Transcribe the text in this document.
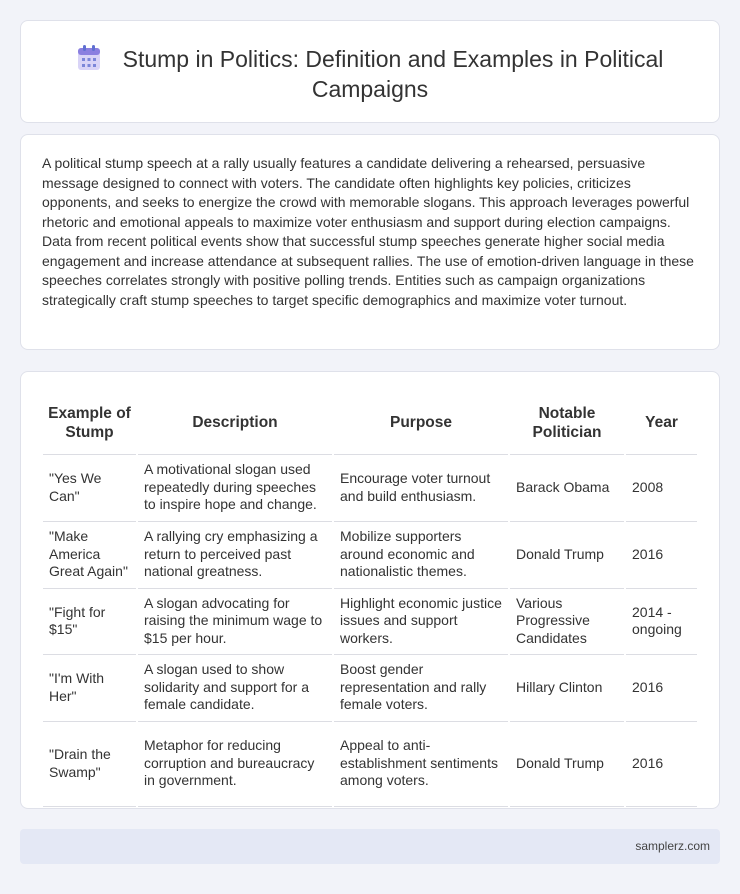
Stump in Politics: Definition and Examples in Political Campaigns

A political stump speech at a rally usually features a candidate delivering a rehearsed, persuasive message designed to connect with voters. The candidate often highlights key policies, criticizes opponents, and seeks to energize the crowd with memorable slogans. This approach leverages powerful rhetoric and emotional appeals to maximize voter enthusiasm and support during election campaigns. Data from recent political events show that successful stump speeches generate higher social media engagement and increase attendance at subsequent rallies. The use of emotion-driven language in these speeches correlates strongly with positive polling trends. Entities such as campaign organizations strategically craft stump speeches to target specific demographics and maximize voter turnout.

Example of Stump	Description	Purpose	Notable Politician	Year
"Yes We Can"	A motivational slogan used repeatedly during speeches to inspire hope and change.	Encourage voter turnout and build enthusiasm.	Barack Obama	2008
"Make America Great Again"	A rallying cry emphasizing a return to perceived past national greatness.	Mobilize supporters around economic and nationalistic themes.	Donald Trump	2016
"Fight for $15"	A slogan advocating for raising the minimum wage to $15 per hour.	Highlight economic justice issues and support workers.	Various Progressive Candidates	2014 - ongoing
"I'm With Her"	A slogan used to show solidarity and support for a female candidate.	Boost gender representation and rally female voters.	Hillary Clinton	2016
"Drain the Swamp"	Metaphor for reducing corruption and bureaucracy in government.	Appeal to anti-establishment sentiments among voters.	Donald Trump	2016
samplerz.com
